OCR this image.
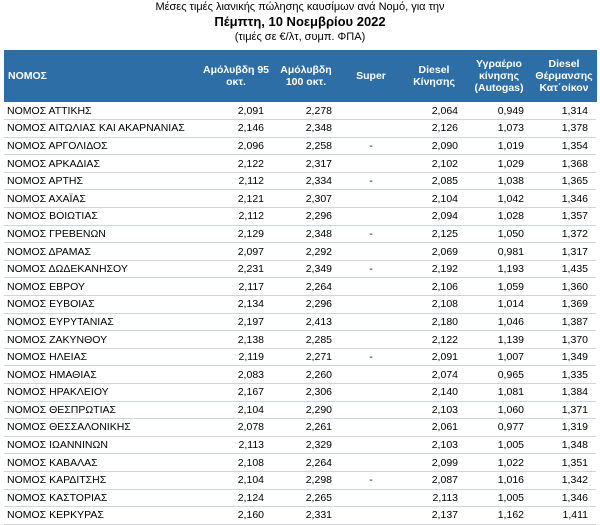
Μέσες τιμές λιανικής πώλησης καυσίμων ανά Νομό, για την
Πέμπτη, 10 Νοεμβρίου 2022
(τιμές σε €/λτ, συμπ. ΦΠΑ)
ΝΟΜΟΣ	Αμόλυβδη 95 οκτ.	Αμόλυβδη 100 οκτ.	Super	Diesel Κίνησης	Υγραέριο κίνησης (Autogas)	Diesel Θέρμανσης Κατ΄οίκον
ΝΟΜΟΣ ΑΤΤΙΚΗΣ	2,091	2,278		2,064	0,949	1,314
ΝΟΜΟΣ ΑΙΤΩΛΙΑΣ ΚΑΙ ΑΚΑΡΝΑΝΙΑΣ	2,146	2,348		2,126	1,073	1,378
ΝΟΜΟΣ ΑΡΓΟΛΙΔΟΣ	2,096	2,258	-	2,090	1,019	1,354
ΝΟΜΟΣ ΑΡΚΑΔΙΑΣ	2,122	2,317		2,102	1,029	1,368
ΝΟΜΟΣ ΑΡΤΗΣ	2,112	2,334	-	2,085	1,038	1,365
ΝΟΜΟΣ ΑΧΑΪΑΣ	2,121	2,307		2,104	1,042	1,346
ΝΟΜΟΣ ΒΟΙΩΤΙΑΣ	2,112	2,296		2,094	1,028	1,357
ΝΟΜΟΣ ΓΡΕΒΕΝΩΝ	2,129	2,348	-	2,125	1,050	1,372
ΝΟΜΟΣ ΔΡΑΜΑΣ	2,097	2,292		2,069	0,981	1,317
ΝΟΜΟΣ ΔΩΔΕΚΑΝΗΣΟΥ	2,231	2,349	-	2,192	1,193	1,435
ΝΟΜΟΣ ΕΒΡΟΥ	2,117	2,264		2,106	1,059	1,360
ΝΟΜΟΣ ΕΥΒΟΙΑΣ	2,134	2,296		2,108	1,014	1,369
ΝΟΜΟΣ ΕΥΡΥΤΑΝΙΑΣ	2,197	2,413		2,180	1,046	1,387
ΝΟΜΟΣ ΖΑΚΥΝΘΟΥ	2,138	2,285		2,122	1,139	1,370
ΝΟΜΟΣ ΗΛΕΙΑΣ	2,119	2,271	-	2,091	1,007	1,349
ΝΟΜΟΣ ΗΜΑΘΙΑΣ	2,083	2,260		2,074	0,965	1,335
ΝΟΜΟΣ ΗΡΑΚΛΕΙΟΥ	2,167	2,306		2,140	1,081	1,384
ΝΟΜΟΣ ΘΕΣΠΡΩΤΙΑΣ	2,104	2,290		2,103	1,060	1,371
ΝΟΜΟΣ ΘΕΣΣΑΛΟΝΙΚΗΣ	2,078	2,261		2,061	0,977	1,319
ΝΟΜΟΣ ΙΩΑΝΝΙΝΩΝ	2,113	2,329		2,103	1,005	1,348
ΝΟΜΟΣ ΚΑΒΑΛΑΣ	2,108	2,264		2,099	1,022	1,351
ΝΟΜΟΣ ΚΑΡΔΙΤΣΗΣ	2,104	2,298	-	2,087	1,016	1,342
ΝΟΜΟΣ ΚΑΣΤΟΡΙΑΣ	2,124	2,265		2,113	1,005	1,346
ΝΟΜΟΣ ΚΕΡΚΥΡΑΣ	2,160	2,331		2,137	1,162	1,411
